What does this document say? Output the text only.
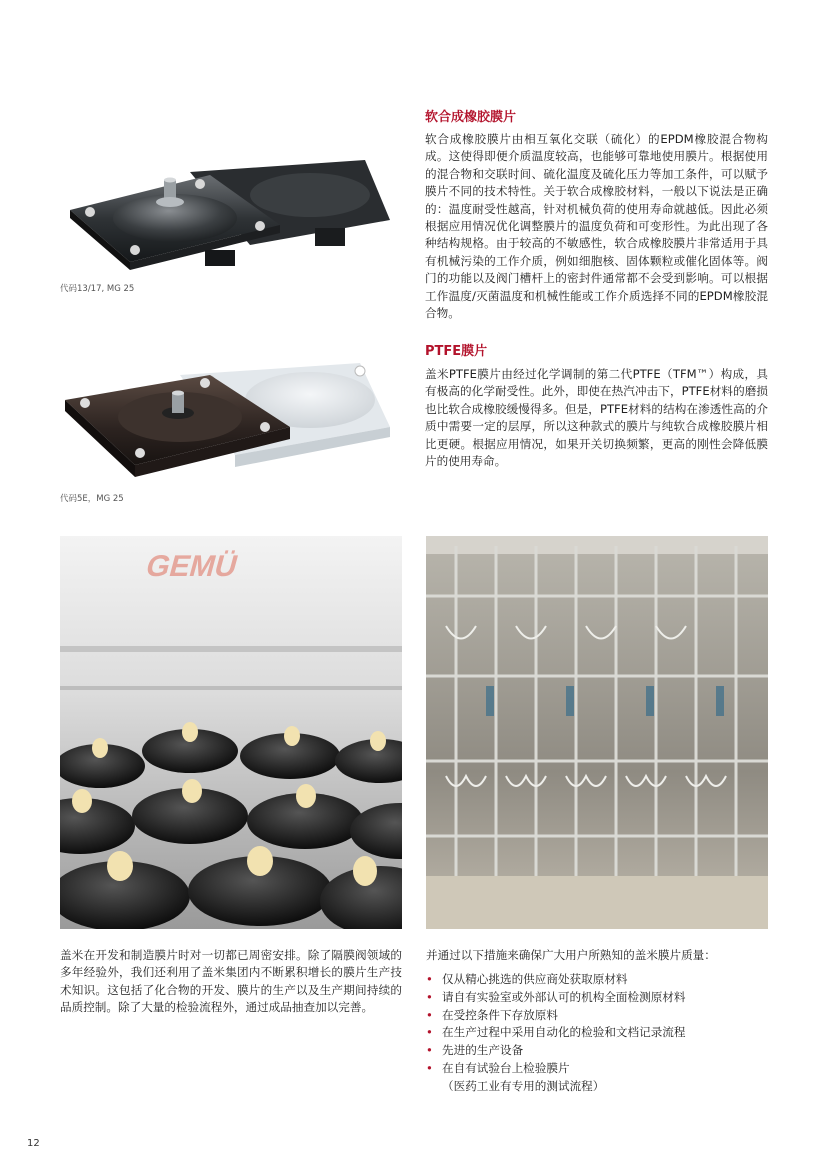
代码13/17, MG 25
代码5E，MG 25
软合成橡胶膜片
软合成橡胶膜片由相互氧化交联（硫化）的EPDM橡胶混合物构成。这使得即便介质温度较高，也能够可靠地使用膜片。根据使用的混合物和交联时间、硫化温度及硫化压力等加工条件，可以赋予膜片不同的技术特性。关于软合成橡胶材料，一般以下说法是正确的：温度耐受性越高，针对机械负荷的使用寿命就越低。因此必须根据应用情况优化调整膜片的温度负荷和可变形性。为此出现了各种结构规格。由于较高的不敏感性，软合成橡胶膜片非常适用于具有机械污染的工作介质，例如细胞核、固体颗粒或催化固体等。阀门的功能以及阀门槽杆上的密封件通常都不会受到影响。可以根据工作温度/灭菌温度和机械性能或工作介质选择不同的EPDM橡胶混合物。
PTFE膜片
盖米PTFE膜片由经过化学调制的第二代PTFE（TFM™）构成，具有极高的化学耐受性。此外，即使在热汽冲击下，PTFE材料的磨损也比软合成橡胶缓慢得多。但是，PTFE材料的结构在渗透性高的介质中需要一定的层厚，所以这种款式的膜片与纯软合成橡胶膜片相比更硬。根据应用情况，如果开关切换频繁，更高的刚性会降低膜片的使用寿命。
GEMÜ
盖米在开发和制造膜片时对一切都已周密安排。除了隔膜阀领域的多年经验外，我们还利用了盖米集团内不断累积增长的膜片生产技术知识。这包括了化合物的开发、膜片的生产以及生产期间持续的品质控制。除了大量的检验流程外，通过成品抽查加以完善。
并通过以下措施来确保广大用户所熟知的盖米膜片质量：
• 仅从精心挑选的供应商处获取原材料
• 请自有实验室或外部认可的机构全面检测原材料
• 在受控条件下存放原料
• 在生产过程中采用自动化的检验和文档记录流程
• 先进的生产设备
• 在自有试验台上检验膜片
（医药工业有专用的测试流程）
12
